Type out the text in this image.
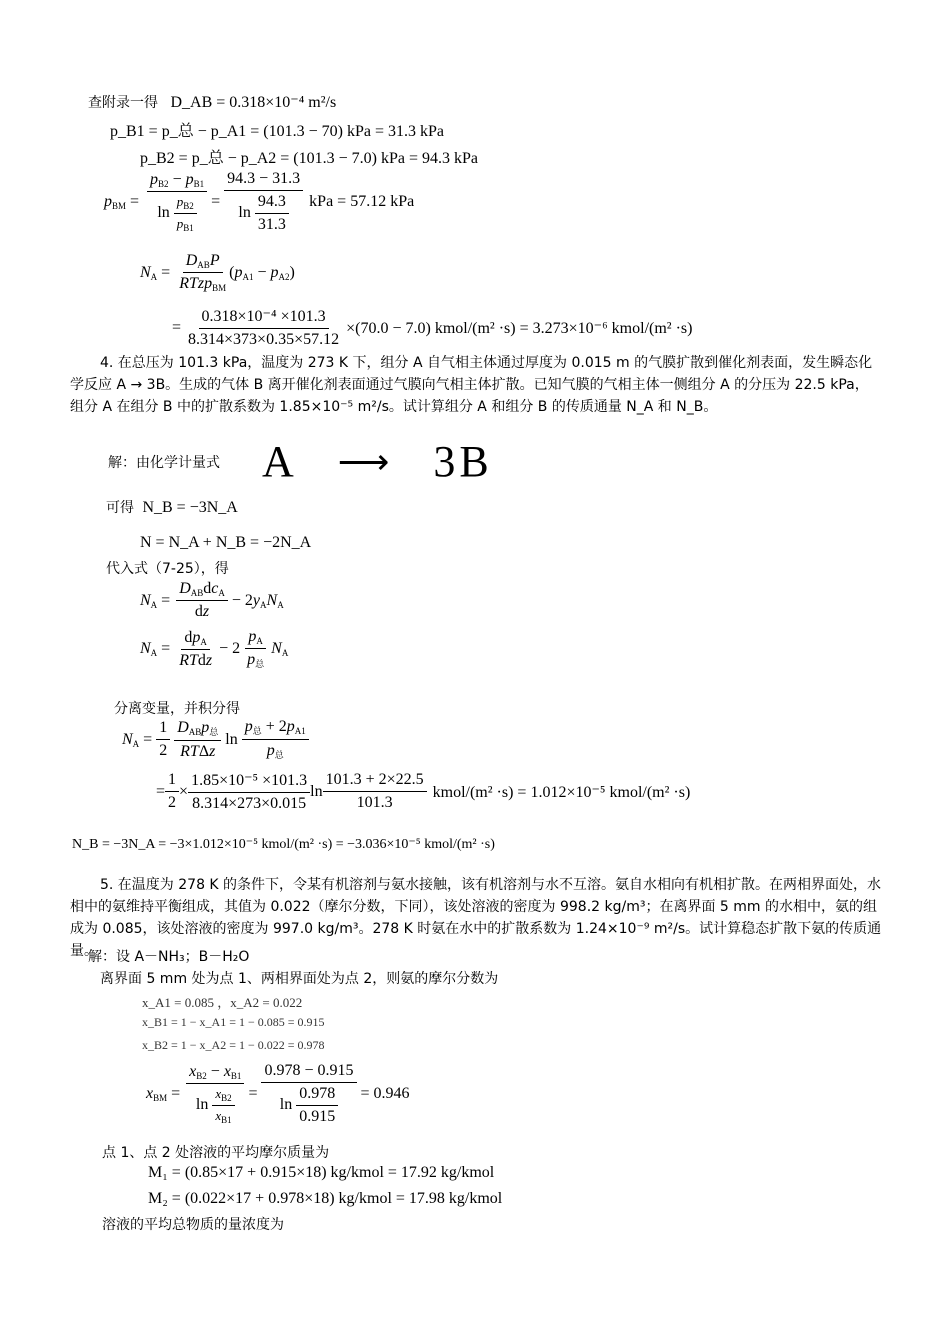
查附录一得 D_AB = 0.318×10⁻⁴ m²/s
p_B1 = p_总 − p_A1 = (101.3 − 70) kPa = 31.3 kPa
p_B2 = p_总 − p_A2 = (101.3 − 7.0) kPa = 94.3 kPa
$p_{BM} = \frac{p_{B2} - p_{B1}}{\ln \frac{p_{B2}}{p_{B1}}} = \frac{94.3 - 31.3}{\ln \frac{94.3}{31.3}}$ kPa = 57.12 kPa
$N_A = \frac{D_{AB}P}{RTzp_{BM}} (p_{A1} - p_{A2})$
= $\frac{\text{0.318×10⁻⁴ ×101.3}}{8.314\times 373\times 0.35\times 57.12} \times(70.0 - 7.0)$ kmol/(m² ·s) = 3.273×10⁻⁶ kmol/(m² ·s)
4. 在总压为 101.3 kPa，温度为 273 K 下，组分 A 自气相主体通过厚度为 0.015 m 的气膜扩散到催化剂表面，发生瞬态化学反应 A → 3B。生成的气体 B 离开催化剂表面通过气膜向气相主体扩散。已知气膜的气相主体一侧组分 A 的分压为 22.5 kPa，组分 A 在组分 B 中的扩散系数为 1.85×10⁻⁵ m²/s。试计算组分 A 和组分 B 的传质通量 N_A 和 N_B。
解：由化学计量式 A ⟶ 3B
可得 N_B = −3N_A
N = N_A + N_B = −2N_A
代入式（7-25），得
$N_A = \frac{D_{AB}dc_A}{dz} - 2y_AN_A$
$N_A = \frac{dp_A}{\text{RTdz}} - 2 \frac{p_A}{p_总} N_A$
分离变量，并积分得
$N_A = \frac{1}{2} \frac{D_{AB}p_总}{\text{RTΔz}}$ $\ln \frac{p_总 + 2p_{A1}}{p_总}$
= $\frac{1}{2} \times \frac{\text{1.85×10⁻⁵ ×101.3}}{8.314\times 273\times 0.015}$ $\ln \frac{101.3 + 2\times 22.5}{101.3}$ kmol/(m² ·s) = 1.012×10⁻⁵ kmol/(m² ·s)
N_B = −3N_A = −3×1.012×10⁻⁵ kmol/(m² ·s) = −3.036×10⁻⁵ kmol/(m² ·s)
5. 在温度为 278 K 的条件下，令某有机溶剂与氨水接触，该有机溶剂与水不互溶。氨自水相向有机相扩散。在两相界面处，水相中的氨维持平衡组成，其值为 0.022（摩尔分数，下同），该处溶液的密度为 998.2 kg/m³；在离界面 5 mm 的水相中，氨的组成为 0.085，该处溶液的密度为 997.0 kg/m³。278 K 时氨在水中的扩散系数为 1.24×10⁻⁹ m²/s。试计算稳态扩散下氨的传质通量。
解：设 A－NH₃；B－H₂O
离界面 5 mm 处为点 1、两相界面处为点 2，则氨的摩尔分数为
x_A1 = 0.085 ，x_A2 = 0.022
x_B1 = 1 − x_A1 = 1 − 0.085 = 0.915
x_B2 = 1 − x_A2 = 1 − 0.022 = 0.978
$x_{BM} = \frac{x_{B2} - x_{B1}}{\ln \frac{x_{B2}}{x_{B1}}} = \frac{0.978 - 0.915}{\ln \frac{0.978}{0.915}} = 0.946$
点 1、点 2 处溶液的平均摩尔质量为
M₁ = (0.85×17 + 0.915×18) kg/kmol = 17.92 kg/kmol
M₂ = (0.022×17 + 0.978×18) kg/kmol = 17.98 kg/kmol
溶液的平均总物质的量浓度为
